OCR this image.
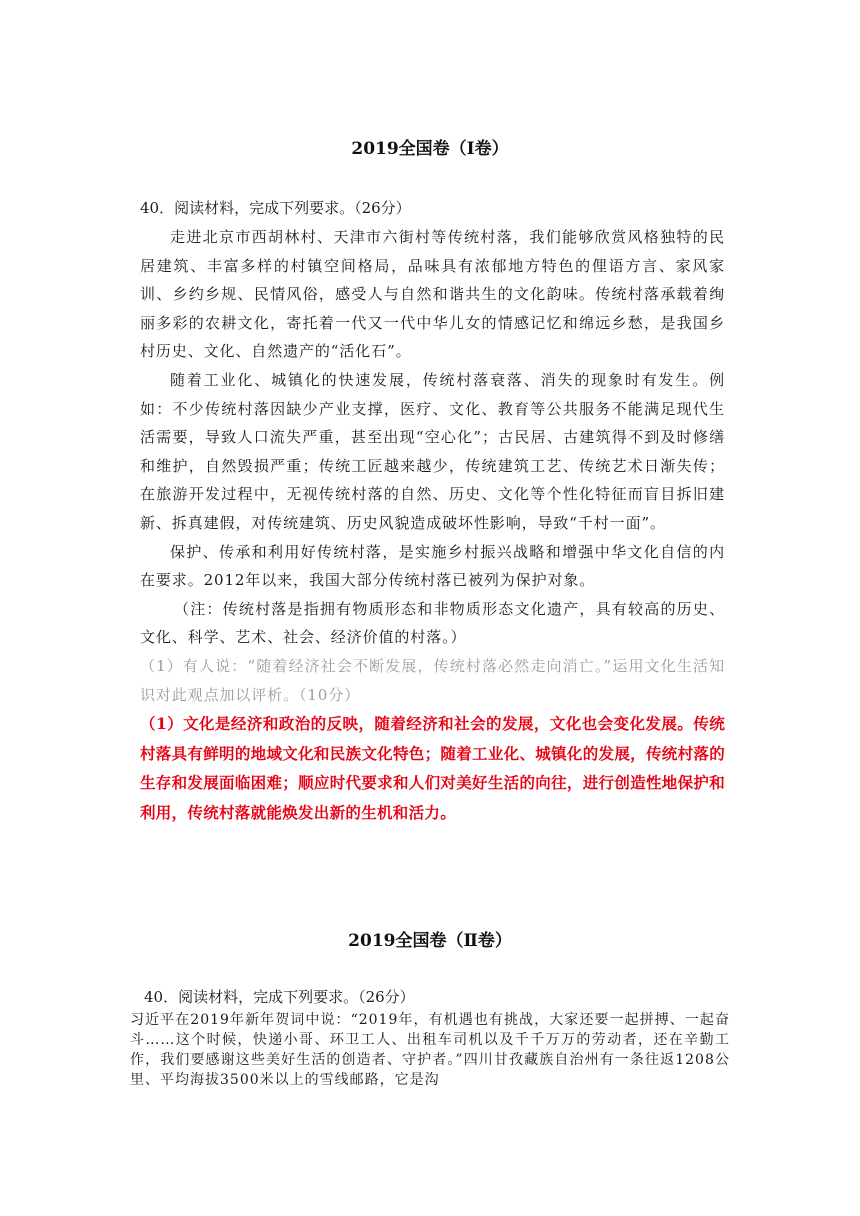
2019全国卷（Ⅰ卷）
40．阅读材料，完成下列要求。（26分）

走进北京市西胡林村、天津市六街村等传统村落，我们能够欣赏风格独特的民居建筑、丰富多样的村镇空间格局，品味具有浓郁地方特色的俚语方言、家风家训、乡约乡规、民情风俗，感受人与自然和谐共生的文化韵味。传统村落承载着绚丽多彩的农耕文化，寄托着一代又一代中华儿女的情感记忆和绵远乡愁，是我国乡村历史、文化、自然遗产的“活化石”。

随着工业化、城镇化的快速发展，传统村落衰落、消失的现象时有发生。例如：不少传统村落因缺少产业支撑，医疗、文化、教育等公共服务不能满足现代生活需要，导致人口流失严重，甚至出现“空心化”；古民居、古建筑得不到及时修缮和维护，自然毁损严重；传统工匠越来越少，传统建筑工艺、传统艺术日渐失传；在旅游开发过程中，无视传统村落的自然、历史、文化等个性化特征而盲目拆旧建新、拆真建假，对传统建筑、历史风貌造成破坏性影响，导致“千村一面”。

保护、传承和利用好传统村落，是实施乡村振兴战略和增强中华文化自信的内在要求。2012年以来，我国大部分传统村落已被列为保护对象。

（注：传统村落是指拥有物质形态和非物质形态文化遗产，具有较高的历史、文化、科学、艺术、社会、经济价值的村落。）

（1）有人说：“随着经济社会不断发展，传统村落必然走向消亡。”运用文化生活知识对此观点加以评析。（10分）

（1）文化是经济和政治的反映，随着经济和社会的发展，文化也会变化发展。传统村落具有鲜明的地域文化和民族文化特色；随着工业化、城镇化的发展，传统村落的生存和发展面临困难；顺应时代要求和人们对美好生活的向往，进行创造性地保护和利用，传统村落就能焕发出新的生机和活力。

2019全国卷（Ⅱ卷）
40．阅读材料，完成下列要求。（26分）

习近平在2019年新年贺词中说：“2019年，有机遇也有挑战，大家还要一起拼搏、一起奋斗……这个时候，快递小哥、环卫工人、出租车司机以及千千万万的劳动者，还在辛勤工作，我们要感谢这些美好生活的创造者、守护者。”四川甘孜藏族自治州有一条往返1208公里、平均海拔3500米以上的雪线邮路，它是沟
